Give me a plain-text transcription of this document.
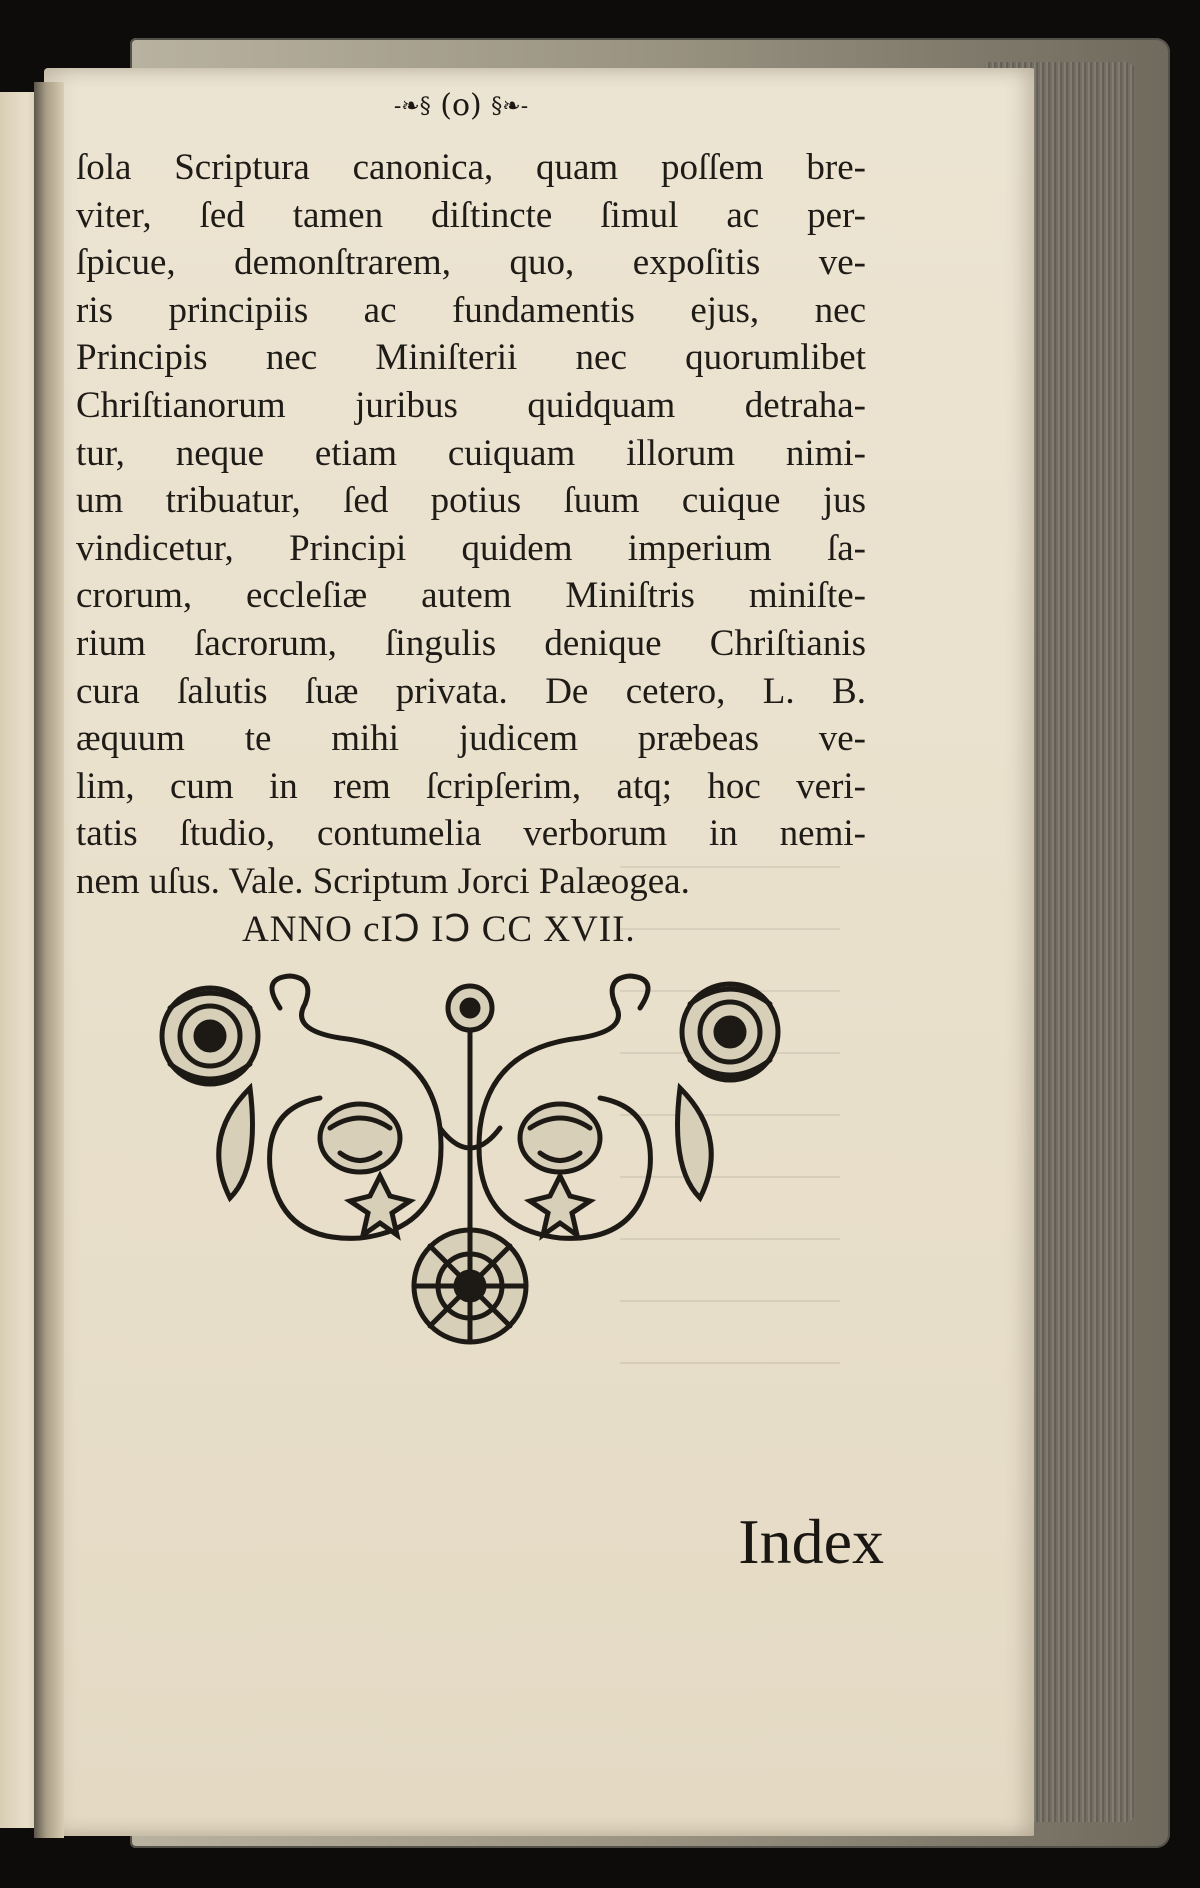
-❧§ (o) §❧-
ſola Scriptura canonica, quam poſſem bre-
viter, ſed tamen diſtincte ſimul ac per-
ſpicue, demonſtrarem, quo, expoſitis ve-
ris principiis ac fundamentis ejus, nec
Principis nec Miniſterii nec quorumlibet
Chriſtianorum juribus quidquam detraha-
tur, neque etiam cuiquam illorum nimi-
um tribuatur, ſed potius ſuum cuique jus
vindicetur, Principi quidem imperium ſa-
crorum, eccleſiæ autem Miniſtris miniſte-
rium ſacrorum, ſingulis denique Chriſtianis
cura ſalutis ſuæ privata. De cetero, L. B.
æquum te mihi judicem præbeas ve-
lim, cum in rem ſcripſerim, atq; hoc veri-
tatis ſtudio, contumelia verborum in nemi-
nem uſus. Vale. Scriptum Jorci Palæogea.
ANNO cIↃ IↃ CC XVII.
Index
